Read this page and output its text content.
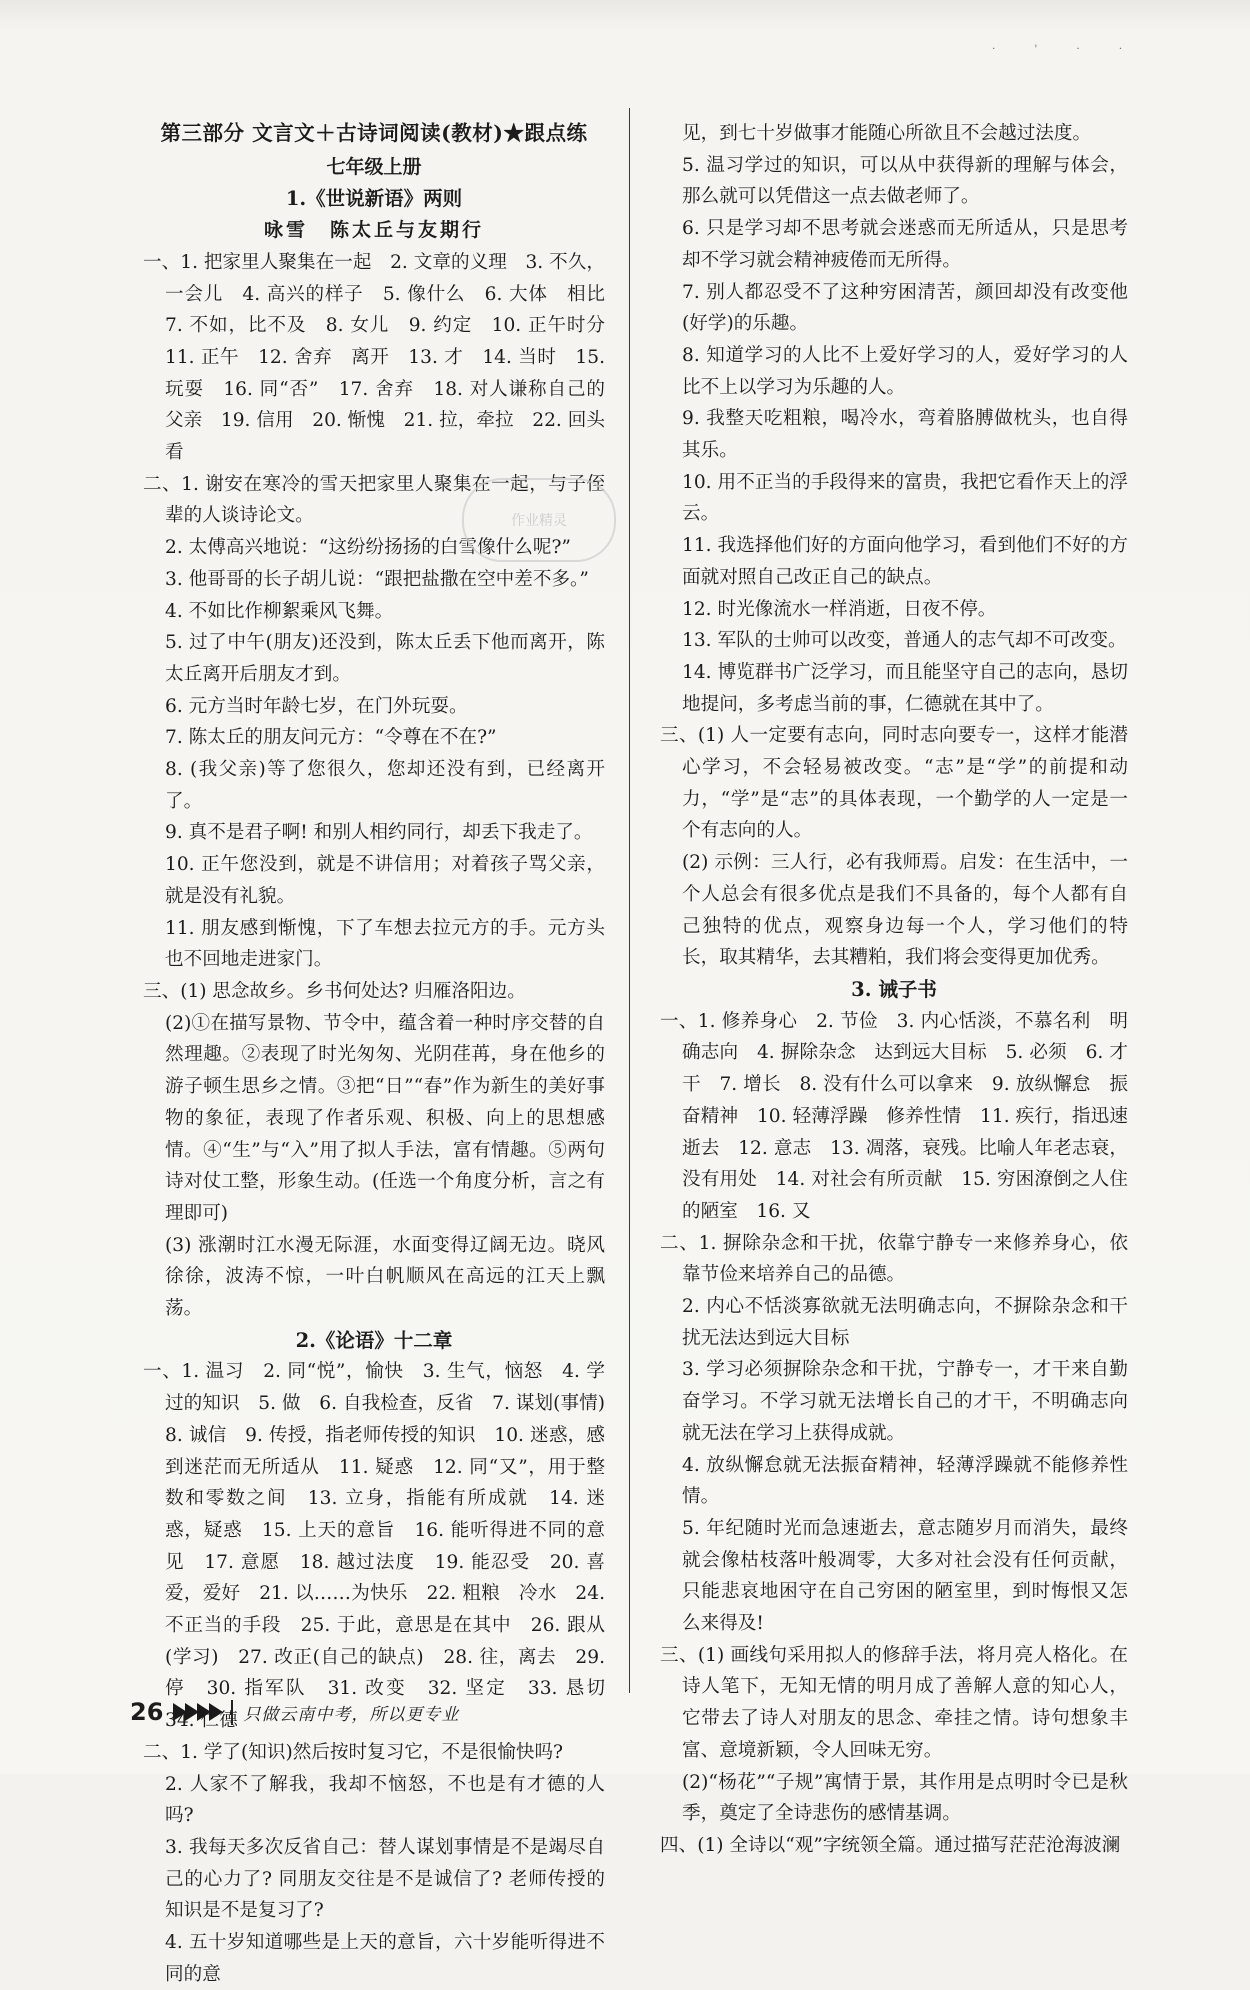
· ' · ·
第三部分 文言文＋古诗词阅读(教材)★跟点练
七年级上册
1.《世说新语》两则
咏雪　陈太丘与友期行
一、1. 把家里人聚集在一起　2. 文章的义理　3. 不久，一会儿　4. 高兴的样子　5. 像什么　6. 大体　相比　7. 不如，比不及　8. 女儿　9. 约定　10. 正午时分　11. 正午　12. 舍弃　离开　13. 才　14. 当时　15. 玩耍　16. 同“否”　17. 舍弃　18. 对人谦称自己的父亲　19. 信用　20. 惭愧　21. 拉，牵拉　22. 回头看
二、1. 谢安在寒冷的雪天把家里人聚集在一起，与子侄辈的人谈诗论文。
2. 太傅高兴地说：“这纷纷扬扬的白雪像什么呢?”
3. 他哥哥的长子胡儿说：“跟把盐撒在空中差不多。”
4. 不如比作柳絮乘风飞舞。
5. 过了中午(朋友)还没到，陈太丘丢下他而离开，陈太丘离开后朋友才到。
6. 元方当时年龄七岁，在门外玩耍。
7. 陈太丘的朋友问元方：“令尊在不在?”
8. (我父亲)等了您很久，您却还没有到，已经离开了。
9. 真不是君子啊! 和别人相约同行，却丢下我走了。
10. 正午您没到，就是不讲信用；对着孩子骂父亲，就是没有礼貌。
11. 朋友感到惭愧，下了车想去拉元方的手。元方头也不回地走进家门。
三、(1) 思念故乡。乡书何处达? 归雁洛阳边。
(2)①在描写景物、节令中，蕴含着一种时序交替的自然理趣。②表现了时光匆匆、光阴荏苒，身在他乡的游子顿生思乡之情。③把“日”“春”作为新生的美好事物的象征，表现了作者乐观、积极、向上的思想感情。④“生”与“入”用了拟人手法，富有情趣。⑤两句诗对仗工整，形象生动。(任选一个角度分析，言之有理即可)
(3) 涨潮时江水漫无际涯，水面变得辽阔无边。晓风徐徐，波涛不惊，一叶白帆顺风在高远的江天上飘荡。
2.《论语》十二章
一、1. 温习　2. 同“悦”，愉快　3. 生气，恼怒　4. 学过的知识　5. 做　6. 自我检查，反省　7. 谋划(事情)　8. 诚信　9. 传授，指老师传授的知识　10. 迷惑，感到迷茫而无所适从　11. 疑惑　12. 同“又”，用于整数和零数之间　13. 立身，指能有所成就　14. 迷惑，疑惑　15. 上天的意旨　16. 能听得进不同的意见　17. 意愿　18. 越过法度　19. 能忍受　20. 喜爱，爱好　21. 以……为快乐　22. 粗粮　冷水　24. 不正当的手段　25. 于此，意思是在其中　26. 跟从(学习)　27. 改正(自己的缺点)　28. 往，离去　29. 停　30. 指军队　31. 改变　32. 坚定　33. 恳切　34. 仁德
二、1. 学了(知识)然后按时复习它，不是很愉快吗?
2. 人家不了解我，我却不恼怒，不也是有才德的人吗?
3. 我每天多次反省自己：替人谋划事情是不是竭尽自己的心力了? 同朋友交往是不是诚信了? 老师传授的知识是不是复习了?
4. 五十岁知道哪些是上天的意旨，六十岁能听得进不同的意
见，到七十岁做事才能随心所欲且不会越过法度。
5. 温习学过的知识，可以从中获得新的理解与体会，那么就可以凭借这一点去做老师了。
6. 只是学习却不思考就会迷惑而无所适从，只是思考却不学习就会精神疲倦而无所得。
7. 别人都忍受不了这种穷困清苦，颜回却没有改变他(好学)的乐趣。
8. 知道学习的人比不上爱好学习的人，爱好学习的人比不上以学习为乐趣的人。
9. 我整天吃粗粮，喝冷水，弯着胳膊做枕头，也自得其乐。
10. 用不正当的手段得来的富贵，我把它看作天上的浮云。
11. 我选择他们好的方面向他学习，看到他们不好的方面就对照自己改正自己的缺点。
12. 时光像流水一样消逝，日夜不停。
13. 军队的士帅可以改变，普通人的志气却不可改变。
14. 博览群书广泛学习，而且能坚守自己的志向，恳切地提问，多考虑当前的事，仁德就在其中了。
三、(1) 人一定要有志向，同时志向要专一，这样才能潜心学习，不会轻易被改变。“志”是“学”的前提和动力，“学”是“志”的具体表现，一个勤学的人一定是一个有志向的人。
(2) 示例：三人行，必有我师焉。启发：在生活中，一个人总会有很多优点是我们不具备的，每个人都有自己独特的优点，观察身边每一个人，学习他们的特长，取其精华，去其糟粕，我们将会变得更加优秀。
3. 诫子书
一、1. 修养身心　2. 节俭　3. 内心恬淡，不慕名利　明确志向　4. 摒除杂念　达到远大目标　5. 必须　6. 才干　7. 增长　8. 没有什么可以拿来　9. 放纵懈怠　振奋精神　10. 轻薄浮躁　修养性情　11. 疾行，指迅速逝去　12. 意志　13. 凋落，衰残。比喻人年老志衰，没有用处　14. 对社会有所贡献　15. 穷困潦倒之人住的陋室　16. 又
二、1. 摒除杂念和干扰，依靠宁静专一来修养身心，依靠节俭来培养自己的品德。
2. 内心不恬淡寡欲就无法明确志向，不摒除杂念和干扰无法达到远大目标
3. 学习必须摒除杂念和干扰，宁静专一，才干来自勤奋学习。不学习就无法增长自己的才干，不明确志向就无法在学习上获得成就。
4. 放纵懈怠就无法振奋精神，轻薄浮躁就不能修养性情。
5. 年纪随时光而急速逝去，意志随岁月而消失，最终就会像枯枝落叶般凋零，大多对社会没有任何贡献，只能悲哀地困守在自己穷困的陋室里，到时悔恨又怎么来得及!
三、(1) 画线句采用拟人的修辞手法，将月亮人格化。在诗人笔下，无知无情的明月成了善解人意的知心人，它带去了诗人对朋友的思念、牵挂之情。诗句想象丰富、意境新颖，令人回味无穷。
(2)“杨花”“子规”寓情于景，其作用是点明时令已是秋季，奠定了全诗悲伤的感情基调。
四、(1) 全诗以“观”字统领全篇。通过描写茫茫沧海波澜
作业精灵
26	只做云南中考，所以更专业
